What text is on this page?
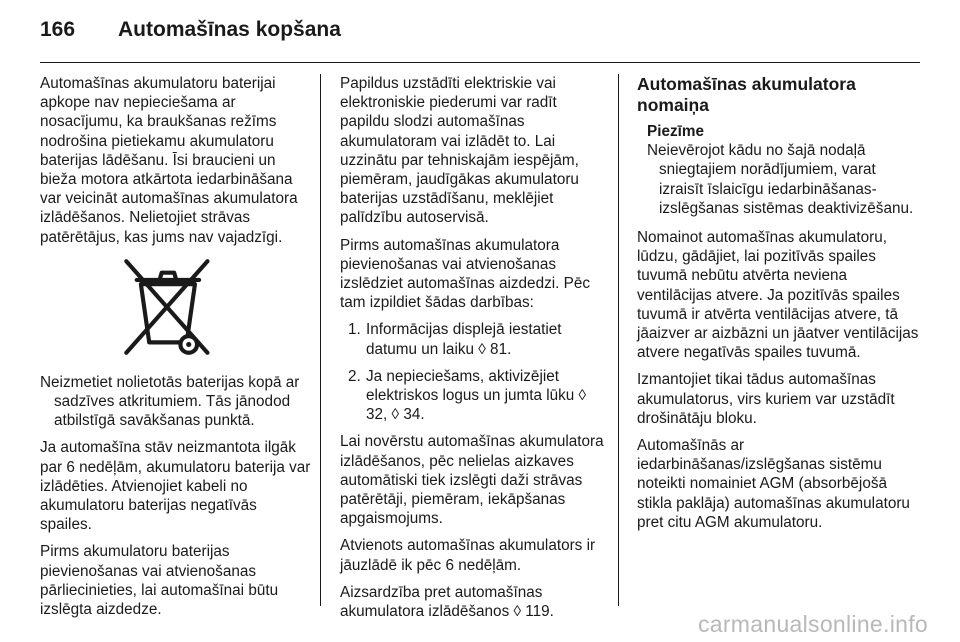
166 Automašīnas kopšana

Automašīnas akumulatoru baterijai apkope nav nepieciešama ar nosacījumu, ka braukšanas režīms nodrošina pietiekamu akumulatoru baterijas lādēšanu. Īsi braucieni un bieža motora atkārtota iedarbināšana var veicināt automašīnas akumulatora izlādēšanos. Nelietojiet strāvas patērētājus, kas jums nav vajadzīgi.

Neizmetiet nolietotās baterijas kopā ar sadzīves atkritumiem. Tās jānodod atbilstīgā savākšanas punktā.

Ja automašīna stāv neizmantota ilgāk par 6 nedēļām, akumulatoru baterija var izlādēties. Atvienojiet kabeli no akumulatoru baterijas negatīvās spailes.

Pirms akumulatoru baterijas pievienošanas vai atvienošanas pārliecinieties, lai automašīnai būtu izslēgta aizdedze.

Papildus uzstādīti elektriskie vai elektroniskie piederumi var radīt papildu slodzi automašīnas akumulatoram vai izlādēt to. Lai uzzinātu par tehniskajām iespējām, piemēram, jaudīgākas akumulatoru baterijas uzstādīšanu, meklējiet palīdzību autoservisā.

Pirms automašīnas akumulatora pievienošanas vai atvienošanas izslēdziet automašīnas aizdedzi. Pēc tam izpildiet šādas darbības:

1. Informācijas displejā iestatiet datumu un laiku ◊ 81.
2. Ja nepieciešams, aktivizējiet elektriskos logus un jumta lūku ◊ 32, ◊ 34.

Lai novērstu automašīnas akumulatora izlādēšanos, pēc nelielas aizkaves automātiski tiek izslēgti daži strāvas patērētāji, piemēram, iekāpšanas apgaismojums.

Atvienots automašīnas akumulators ir jāuzlādē ik pēc 6 nedēļām.

Aizsardzība pret automašīnas akumulatora izlādēšanos ◊ 119.

Automašīnas akumulatora nomaiņa
Piezīme
Neievērojot kādu no šajā nodaļā
sniegtajiem norādījumiem, varat izraisīt īslaicīgu iedarbināšanas-izslēgšanas sistēmas deaktivizēšanu.

Nomainot automašīnas akumulatoru, lūdzu, gādājiet, lai pozitīvās spailes tuvumā nebūtu atvērta neviena ventilācijas atvere. Ja pozitīvās spailes tuvumā ir atvērta ventilācijas atvere, tā jāaizver ar aizbāzni un jāatver ventilācijas atvere negatīvās spailes tuvumā.

Izmantojiet tikai tādus automašīnas akumulatorus, virs kuriem var uzstādīt drošinātāju bloku.

Automašīnās ar iedarbināšanas/izslēgšanas sistēmu noteikti nomainiet AGM (absorbējošā stikla paklāja) automašīnas akumulatoru pret citu AGM akumulatoru.

carmanualsonline.info
